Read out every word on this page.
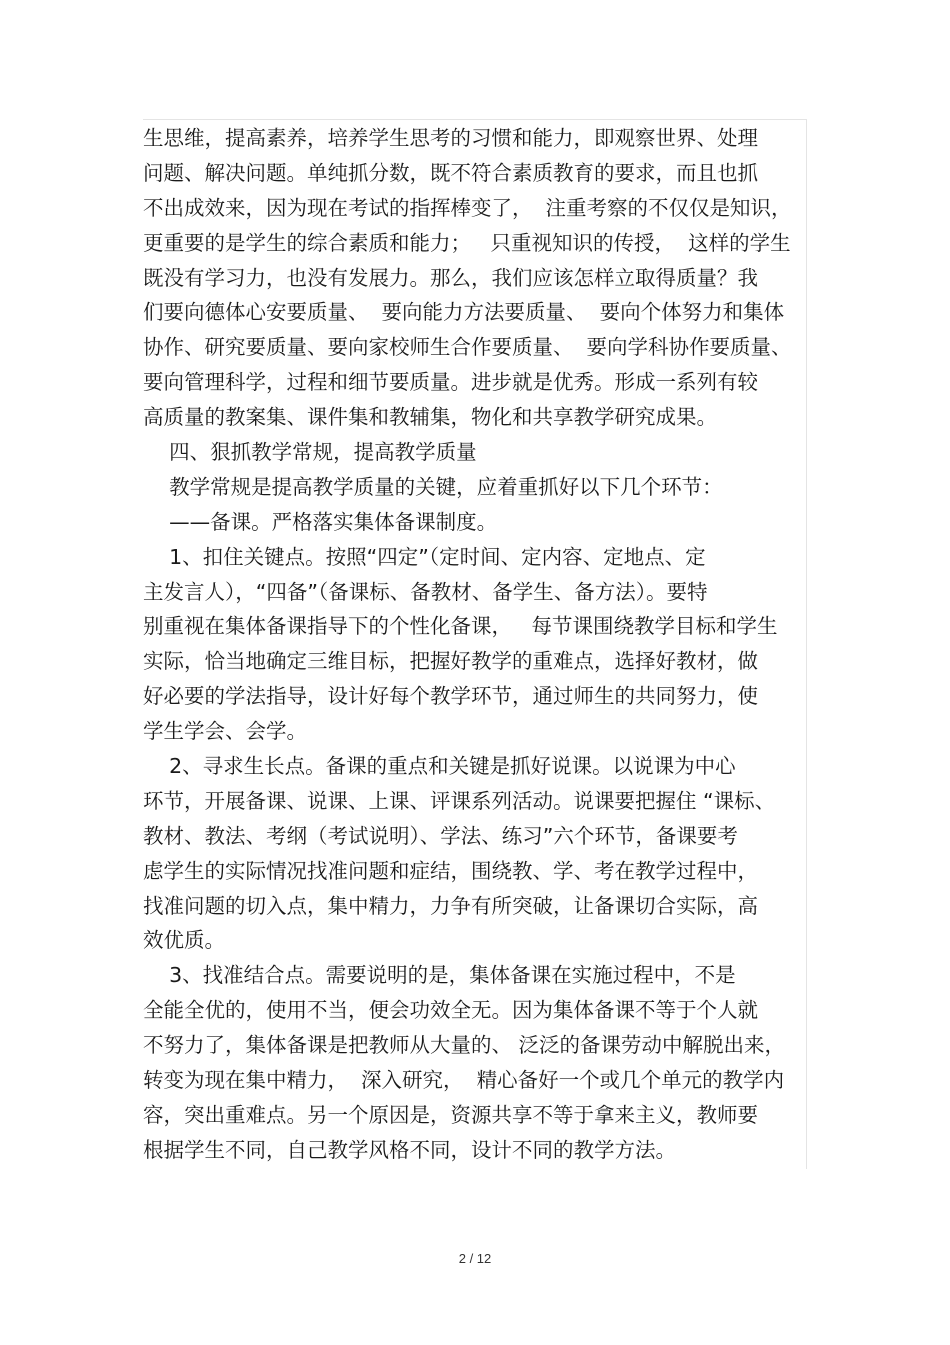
生思维，提高素养，培养学生思考的习惯和能力，即观察世界、处理
问题、解决问题。单纯抓分数，既不符合素质教育的要求，而且也抓
不出成效来，因为现在考试的指挥棒变了，  注重考察的不仅仅是知识，
更重要的是学生的综合素质和能力；   只重视知识的传授，  这样的学生
既没有学习力，也没有发展力。那么，我们应该怎样立取得质量？我
们要向德体心安要质量、  要向能力方法要质量、  要向个体努力和集体
协作、研究要质量、要向家校师生合作要质量、  要向学科协作要质量、
要向管理科学，过程和细节要质量。进步就是优秀。形成一系列有较
高质量的教案集、课件集和教辅集，物化和共享教学研究成果。
四、狠抓教学常规，提高教学质量
教学常规是提高教学质量的关键，应着重抓好以下几个环节：
——备课。严格落实集体备课制度。
1、扣住关键点。按照“四定”（定时间、定内容、定地点、定
主发言人），“四备”（备课标、备教材、备学生、备方法）。要特
别重视在集体备课指导下的个性化备课，   每节课围绕教学目标和学生
实际，恰当地确定三维目标，把握好教学的重难点，选择好教材，做
好必要的学法指导，设计好每个教学环节，通过师生的共同努力，使
学生学会、会学。
2、寻求生长点。备课的重点和关键是抓好说课。以说课为中心
环节，开展备课、说课、上课、评课系列活动。说课要把握住 “课标、
教材、教法、考纲（考试说明）、学法、练习”六个环节，备课要考
虑学生的实际情况找准问题和症结，围绕教、学、考在教学过程中，
找准问题的切入点，集中精力，力争有所突破，让备课切合实际，高
效优质。
3、找准结合点。需要说明的是，集体备课在实施过程中，不是
全能全优的，使用不当，便会功效全无。因为集体备课不等于个人就
不努力了，集体备课是把教师从大量的、 泛泛的备课劳动中解脱出来，
转变为现在集中精力，  深入研究，  精心备好一个或几个单元的教学内
容，突出重难点。另一个原因是，资源共享不等于拿来主义，教师要
根据学生不同，自己教学风格不同，设计不同的教学方法。
2 / 12
